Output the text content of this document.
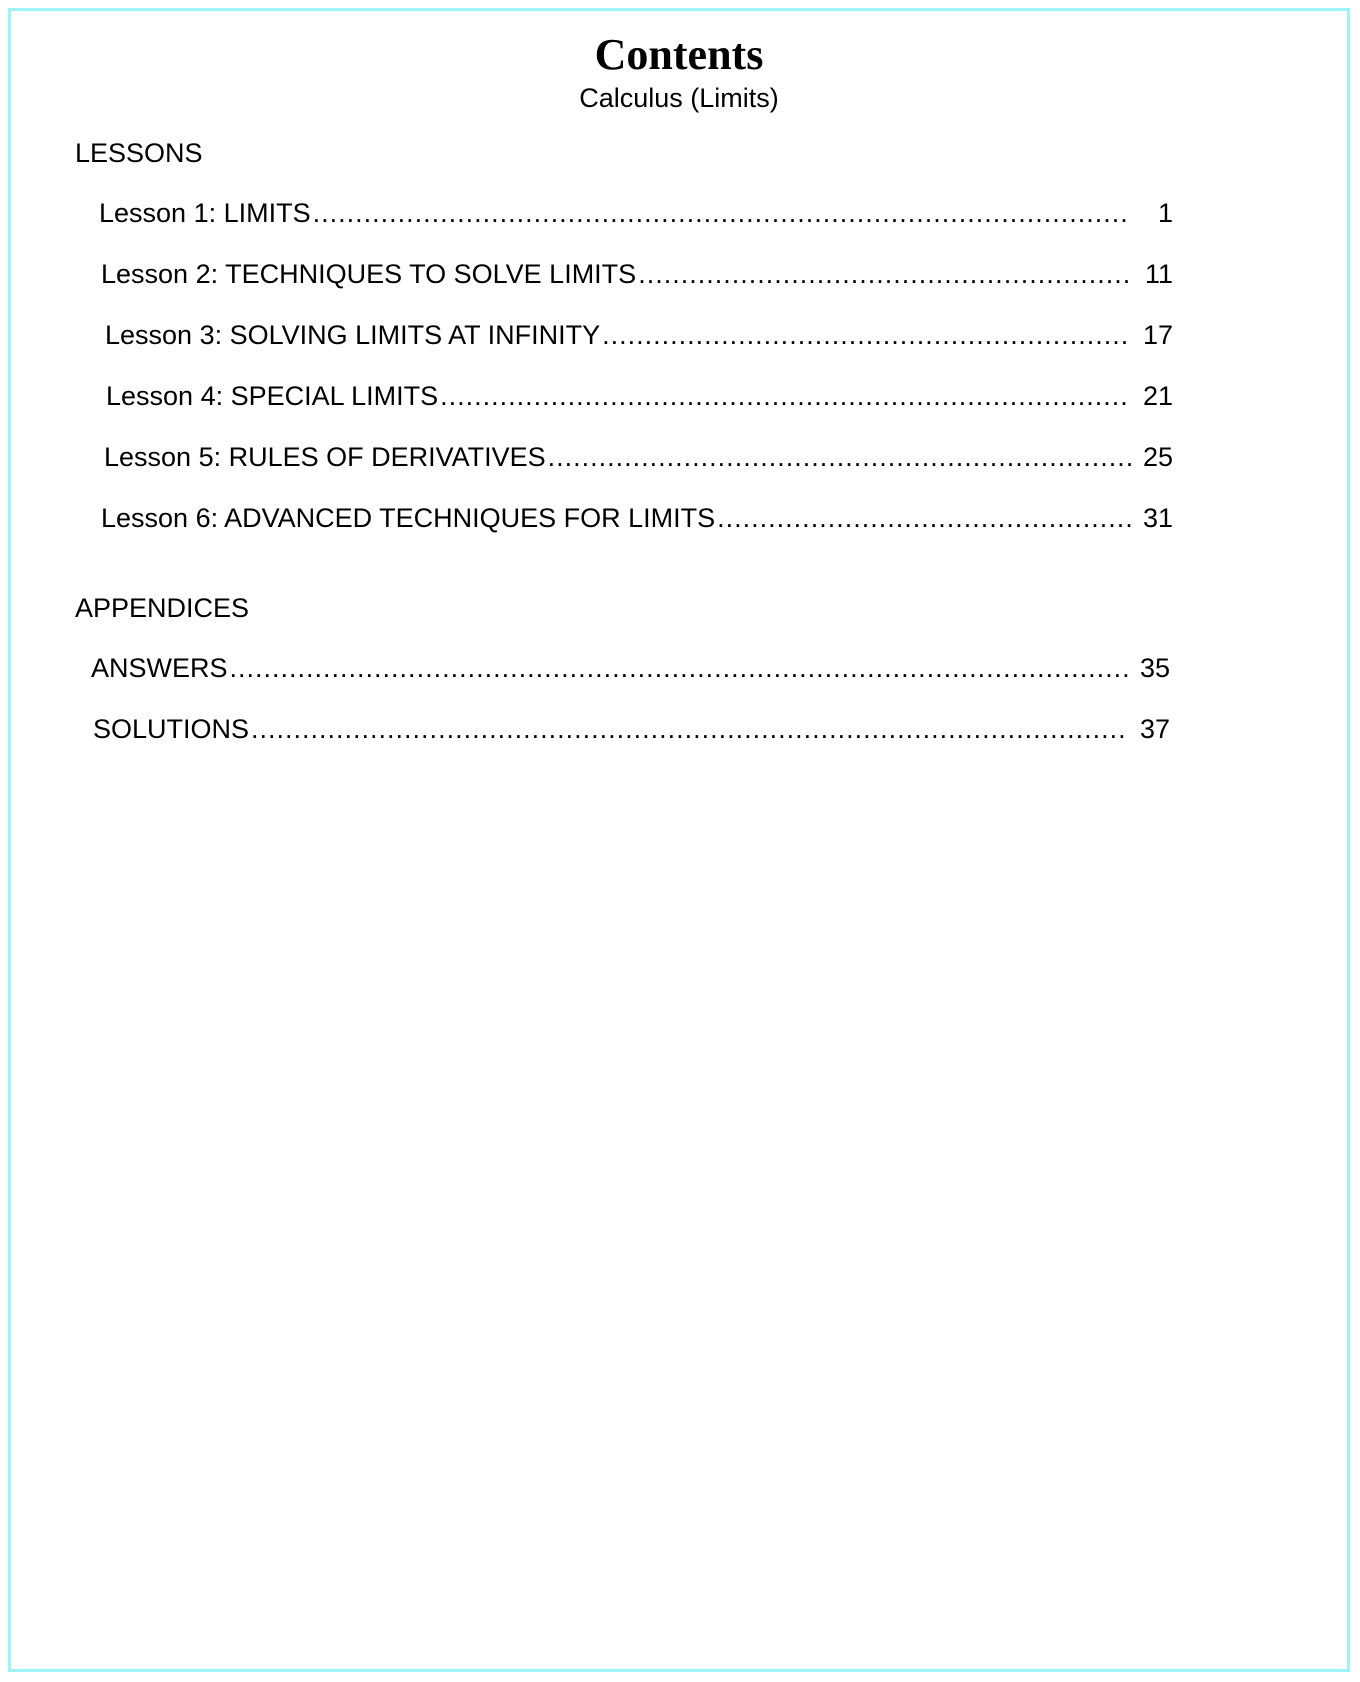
Contents
Calculus (Limits)
LESSONS
Lesson 1: LIMITS .....	1
Lesson 2: TECHNIQUES TO SOLVE LIMITS .....	11
Lesson 3: SOLVING LIMITS AT INFINITY .....	17
Lesson 4: SPECIAL LIMITS .....	21
Lesson 5: RULES OF DERIVATIVES .....	25
Lesson 6: ADVANCED TECHNIQUES FOR LIMITS .....	31
APPENDICES
ANSWERS .....	35
SOLUTIONS .....	37
